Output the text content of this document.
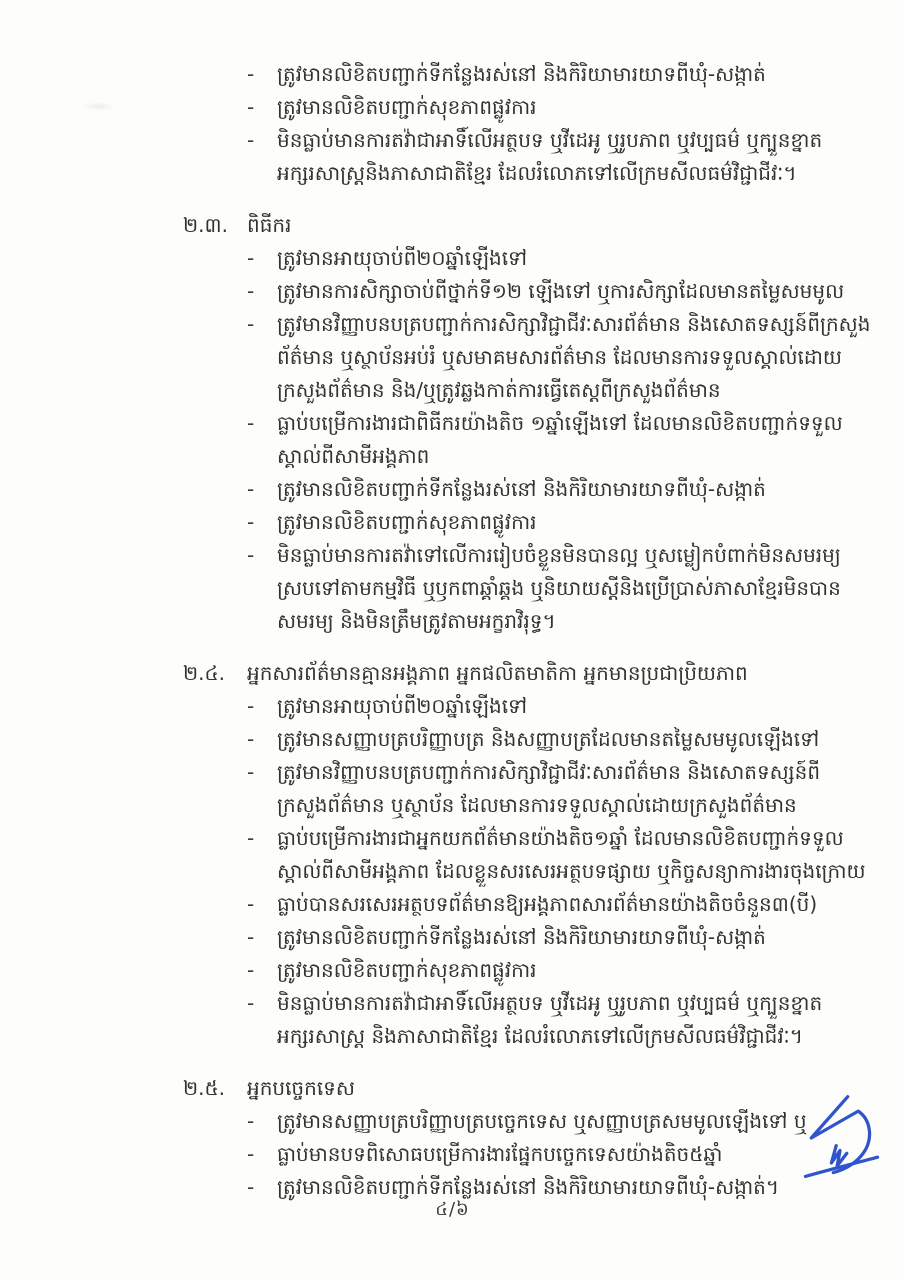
-	ត្រូវមានលិខិតបញ្ជាក់ទីកន្លែងរស់នៅ និងកិរិយាមារយាទពីឃុំ-សង្កាត់
-	ត្រូវមានលិខិតបញ្ជាក់សុខភាពផ្លូវការ
-	មិនធ្លាប់មានការតវ៉ាជាអាទិ៍លើអត្ថបទ ឬវីដេអូ ឬរូបភាព ឬវប្បធម៌ ឬក្បួនខ្នាត
អក្សរសាស្ត្រនិងភាសាជាតិខ្មែរ ដែលរំលោភទៅលើក្រមសីលធម៌វិជ្ជាជីវៈ។
២.៣. ពិធីករ
-	ត្រូវមានអាយុចាប់ពី២០ឆ្នាំឡើងទៅ
-	ត្រូវមានការសិក្សាចាប់ពីថ្នាក់ទី១២ ឡើងទៅ ឬការសិក្សាដែលមានតម្លៃសមមូល
-	ត្រូវមានវិញ្ញាបនបត្របញ្ជាក់ការសិក្សាវិជ្ជាជីវៈសារព័ត៌មាន និងសោតទស្សន៍ពីក្រសួង
ព័ត៌មាន ឬស្ថាប័នអប់រំ ឬសមាគមសារព័ត៌មាន ដែលមានការទទួលស្គាល់ដោយ
ក្រសួងព័ត៌មាន និង/ឬត្រូវឆ្លងកាត់ការធ្វើតេស្តពីក្រសួងព័ត៌មាន
-	ធ្លាប់បម្រើការងារជាពិធីករយ៉ាងតិច ១ឆ្នាំឡើងទៅ ដែលមានលិខិតបញ្ជាក់ទទួល
ស្គាល់ពីសាមីអង្គភាព
-	ត្រូវមានលិខិតបញ្ជាក់ទីកន្លែងរស់នៅ និងកិរិយាមារយាទពីឃុំ-សង្កាត់
-	ត្រូវមានលិខិតបញ្ជាក់សុខភាពផ្លូវការ
-	មិនធ្លាប់មានការតវ៉ាទៅលើការរៀបចំខ្លួនមិនបានល្អ ឬសម្លៀកបំពាក់មិនសមរម្យ
ស្របទៅតាមកម្មវិធី ឬឫកពាឆ្គាំឆ្គង ឬនិយាយស្ដីនិងប្រើប្រាស់ភាសាខ្មែរមិនបាន
សមរម្យ និងមិនត្រឹមត្រូវតាមអក្ខរាវិរុទ្ធ។
២.៤.	អ្នកសារព័ត៌មានគ្មានអង្គភាព អ្នកផលិតមាតិកា អ្នកមានប្រជាប្រិយភាព
-	ត្រូវមានអាយុចាប់ពី២០ឆ្នាំឡើងទៅ
-	ត្រូវមានសញ្ញាបត្របរិញ្ញាបត្រ និងសញ្ញាបត្រដែលមានតម្លៃសមមូលឡើងទៅ
-	ត្រូវមានវិញ្ញាបនបត្របញ្ជាក់ការសិក្សាវិជ្ជាជីវៈសារព័ត៌មាន និងសោតទស្សន៍ពី
ក្រសួងព័ត៌មាន ឬស្ថាប័ន ដែលមានការទទួលស្គាល់ដោយក្រសួងព័ត៌មាន
-	ធ្លាប់បម្រើការងារជាអ្នកយកព័ត៌មានយ៉ាងតិច១ឆ្នាំ ដែលមានលិខិតបញ្ជាក់ទទួល
ស្គាល់ពីសាមីអង្គភាព ដែលខ្លួនសរសេរអត្ថបទផ្សាយ ឬកិច្ចសន្យាការងារចុងក្រោយ
-	ធ្លាប់បានសរសេរអត្ថបទព័ត៌មានឱ្យអង្គភាពសារព័ត៌មានយ៉ាងតិចចំនួន៣(បី)
-	ត្រូវមានលិខិតបញ្ជាក់ទីកន្លែងរស់នៅ និងកិរិយាមារយាទពីឃុំ-សង្កាត់
-	ត្រូវមានលិខិតបញ្ជាក់សុខភាពផ្លូវការ
-	មិនធ្លាប់មានការតវ៉ាជាអាទិ៍លើអត្ថបទ ឬវីដេអូ ឬរូបភាព ឬវប្បធម៌ ឬក្បួនខ្នាត
អក្សរសាស្ត្រ និងភាសាជាតិខ្មែរ ដែលរំលោភទៅលើក្រមសីលធម៌វិជ្ជាជីវៈ។
២.៥.	អ្នកបច្ចេកទេស
-	ត្រូវមានសញ្ញាបត្របរិញ្ញាបត្របច្ចេកទេស ឬសញ្ញាបត្រសមមូលឡើងទៅ ឬ
-	ធ្លាប់មានបទពិសោធបម្រើការងារផ្នែកបច្ចេកទេសយ៉ាងតិច៥ឆ្នាំ
-	ត្រូវមានលិខិតបញ្ជាក់ទីកន្លែងរស់នៅ និងកិរិយាមារយាទពីឃុំ-សង្កាត់។
៤/៦
